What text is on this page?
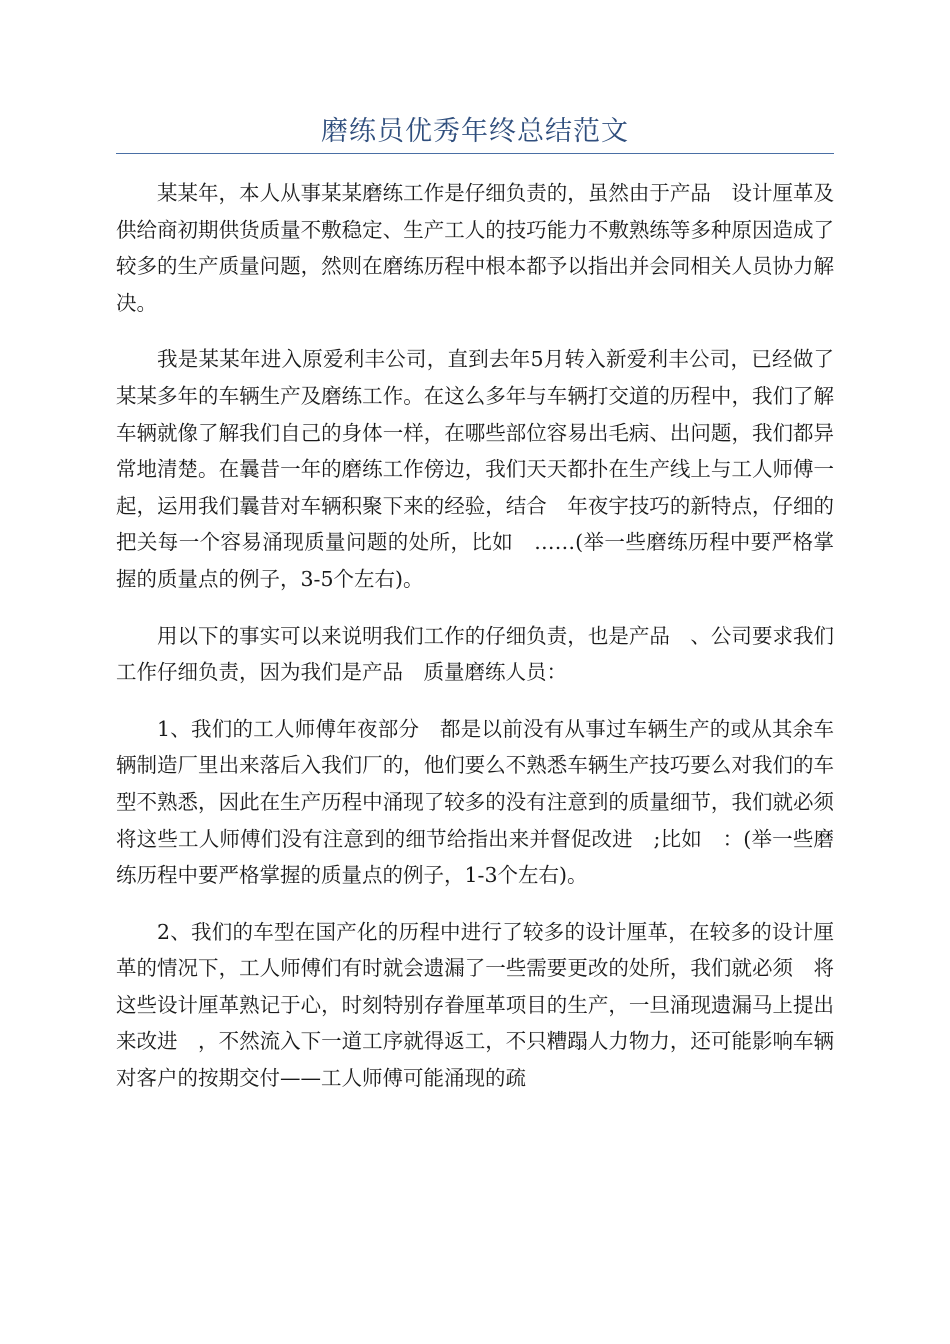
磨练员优秀年终总结范文

某某年，本人从事某某磨练工作是仔细负责的，虽然由于产品　设计厘革及供给商初期供货质量不敷稳定、生产工人的技巧能力不敷熟练等多种原因造成了较多的生产质量问题，然则在磨练历程中根本都予以指出并会同相关人员协力解决。

我是某某年进入原爱利丰公司，直到去年5月转入新爱利丰公司，已经做了某某多年的车辆生产及磨练工作。在这么多年与车辆打交道的历程中，我们了解车辆就像了解我们自己的身体一样，在哪些部位容易出毛病、出问题，我们都异常地清楚。在曩昔一年的磨练工作傍边，我们天天都扑在生产线上与工人师傅一起，运用我们曩昔对车辆积聚下来的经验，结合　年夜宇技巧的新特点，仔细的把关每一个容易涌现质量问题的处所，比如　……(举一些磨练历程中要严格掌握的质量点的例子，3-5个左右)。

用以下的事实可以来说明我们工作的仔细负责，也是产品　、公司要求我们工作仔细负责，因为我们是产品　质量磨练人员：

1、我们的工人师傅年夜部分　都是以前没有从事过车辆生产的或从其余车辆制造厂里出来落后入我们厂的，他们要么不熟悉车辆生产技巧要么对我们的车型不熟悉，因此在生产历程中涌现了较多的没有注意到的质量细节，我们就必须　将这些工人师傅们没有注意到的细节给指出来并督促改进　;比如　：(举一些磨练历程中要严格掌握的质量点的例子，1-3个左右)。

2、我们的车型在国产化的历程中进行了较多的设计厘革，在较多的设计厘革的情况下，工人师傅们有时就会遗漏了一些需要更改的处所，我们就必须　将这些设计厘革熟记于心，时刻特别存眷厘革项目的生产，一旦涌现遗漏马上提出来改进　，不然流入下一道工序就得返工，不只糟蹋人力物力，还可能影响车辆对客户的按期交付——工人师傅可能涌现的疏
